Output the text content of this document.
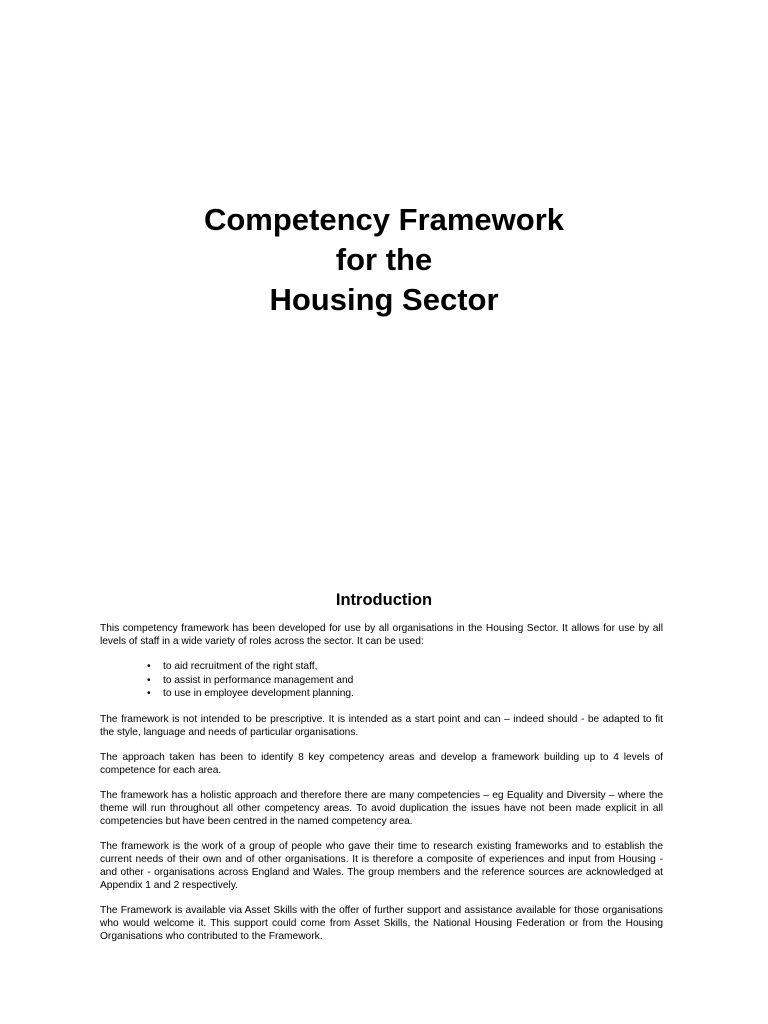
Competency Framework
for the
Housing Sector
Introduction

This competency framework has been developed for use by all organisations in the Housing Sector. It allows for use by all levels of staff in a wide variety of roles across the sector. It can be used:

• to aid recruitment of the right staff,
• to assist in performance management and
• to use in employee development planning.

The framework is not intended to be prescriptive. It is intended as a start point and can – indeed should - be adapted to fit the style, language and needs of particular organisations.

The approach taken has been to identify 8 key competency areas and develop a framework building up to 4 levels of competence for each area.

The framework has a holistic approach and therefore there are many competencies – eg Equality and Diversity – where the theme will run throughout all other competency areas. To avoid duplication the issues have not been made explicit in all competencies but have been centred in the named competency area.

The framework is the work of a group of people who gave their time to research existing frameworks and to establish the current needs of their own and of other organisations. It is therefore a composite of experiences and input from Housing - and other - organisations across England and Wales. The group members and the reference sources are acknowledged at Appendix 1 and 2 respectively.

The Framework is available via Asset Skills with the offer of further support and assistance available for those organisations who would welcome it. This support could come from Asset Skills, the National Housing Federation or from the Housing Organisations who contributed to the Framework.
